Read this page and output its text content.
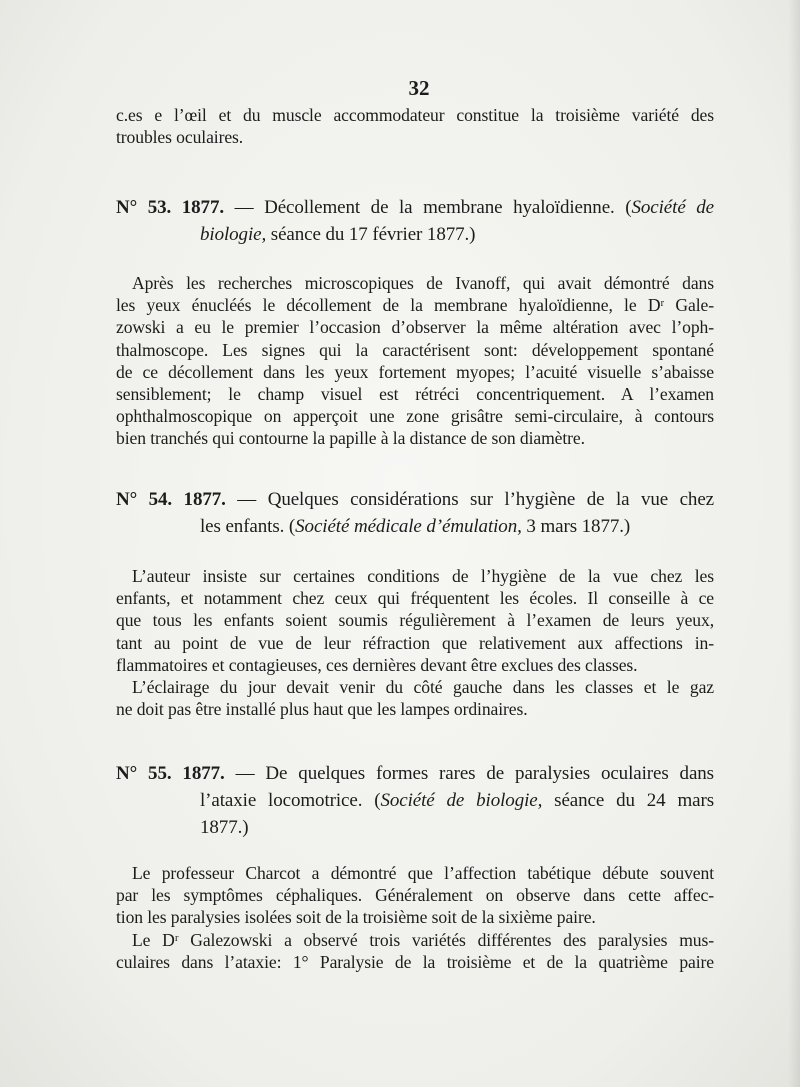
32
c.es e l’œil et du muscle accommodateur constitue la troisième variété des
troubles oculaires.
N° 53. 1877. — Décollement de la membrane hyaloïdienne. (Société de
biologie, séance du 17 février 1877.)
Après les recherches microscopiques de Ivanoff, qui avait démontré dans
les yeux énucléés le décollement de la membrane hyaloïdienne, le Dʳ Gale-
zowski a eu le premier l’occasion d’observer la même altération avec l’oph-
thalmoscope. Les signes qui la caractérisent sont: développement spontané
de ce décollement dans les yeux fortement myopes; l’acuité visuelle s’abaisse
sensiblement; le champ visuel est rétréci concentriquement. A l’examen
ophthalmoscopique on apperçoit une zone grisâtre semi-circulaire, à contours
bien tranchés qui contourne la papille à la distance de son diamètre.
N° 54. 1877. — Quelques considérations sur l’hygiène de la vue chez
les enfants. (Société médicale d’émulation, 3 mars 1877.)
L’auteur insiste sur certaines conditions de l’hygiène de la vue chez les
enfants, et notamment chez ceux qui fréquentent les écoles. Il conseille à ce
que tous les enfants soient soumis régulièrement à l’examen de leurs yeux,
tant au point de vue de leur réfraction que relativement aux affections in-
flammatoires et contagieuses, ces dernières devant être exclues des classes.
L’éclairage du jour devait venir du côté gauche dans les classes et le gaz
ne doit pas être installé plus haut que les lampes ordinaires.
N° 55. 1877. — De quelques formes rares de paralysies oculaires dans
l’ataxie locomotrice. (Société de biologie, séance du 24 mars
1877.)
Le professeur Charcot a démontré que l’affection tabétique débute souvent
par les symptômes céphaliques. Généralement on observe dans cette affec-
tion les paralysies isolées soit de la troisième soit de la sixième paire.
Le Dʳ Galezowski a observé trois variétés différentes des paralysies mus-
culaires dans l’ataxie: 1° Paralysie de la troisième et de la quatrième paire
